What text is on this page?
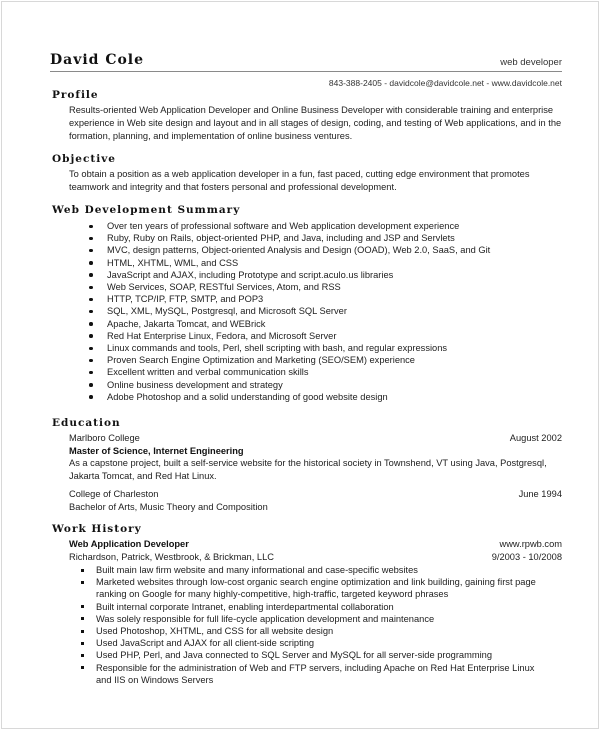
David Cole	web developer
843-388-2405 - davidcole@davidcole.net - www.davidcole.net
Profile
Results-oriented Web Application Developer and Online Business Developer with considerable training and enterprise experience in Web site design and layout and in all stages of design, coding, and testing of Web applications, and in the formation, planning, and implementation of online business ventures.
Objective
To obtain a position as a web application developer in a fun, fast paced, cutting edge environment that promotes teamwork and integrity and that fosters personal and professional development.
Web Development Summary
Over ten years of professional software and Web application development experience
Ruby, Ruby on Rails, object-oriented PHP, and Java, including and JSP and Servlets
MVC, design patterns, Object-oriented Analysis and Design (OOAD), Web 2.0, SaaS, and Git
HTML, XHTML, WML, and CSS
JavaScript and AJAX, including Prototype and script.aculo.us libraries
Web Services, SOAP, RESTful Services, Atom, and RSS
HTTP, TCP/IP, FTP, SMTP, and POP3
SQL, XML, MySQL, Postgresql, and Microsoft SQL Server
Apache, Jakarta Tomcat, and WEBrick
Red Hat Enterprise Linux, Fedora, and Microsoft Server
Linux commands and tools, Perl, shell scripting with bash, and regular expressions
Proven Search Engine Optimization and Marketing (SEO/SEM) experience
Excellent written and verbal communication skills
Online business development and strategy
Adobe Photoshop and a solid understanding of good website design
Education
Marlboro College	August 2002
Master of Science, Internet Engineering
As a capstone project, built a self-service website for the historical society in Townshend, VT using Java, Postgresql, Jakarta Tomcat, and Red Hat Linux.
College of Charleston	June 1994
Bachelor of Arts, Music Theory and Composition
Work History
Web Application Developer	www.rpwb.com
Richardson, Patrick, Westbrook, & Brickman, LLC	9/2003 - 10/2008
Built main law firm website and many informational and case-specific websites
Marketed websites through low-cost organic search engine optimization and link building, gaining first page ranking on Google for many highly-competitive, high-traffic, targeted keyword phrases
Built internal corporate Intranet, enabling interdepartmental collaboration
Was solely responsible for full life-cycle application development and maintenance
Used Photoshop, XHTML, and CSS for all website design
Used JavaScript and AJAX for all client-side scripting
Used PHP, Perl, and Java connected to SQL Server and MySQL for all server-side programming
Responsible for the administration of Web and FTP servers, including Apache on Red Hat Enterprise Linux and IIS on Windows Servers
